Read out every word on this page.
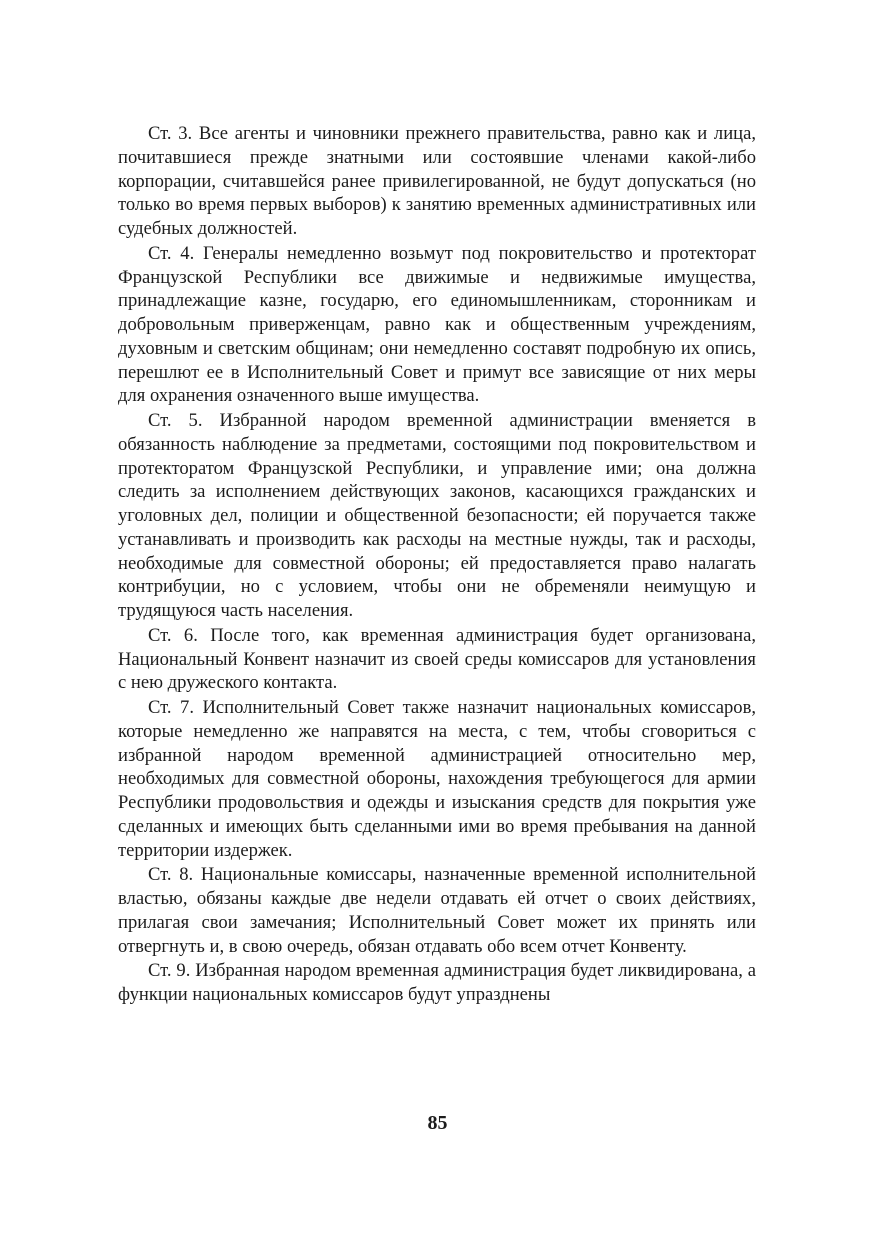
Ст. 3. Все агенты и чиновники прежнего правительства, равно как и лица, почитавшиеся прежде знатными или состоявшие членами какой-либо корпорации, считавшейся ранее привилегированной, не будут допускаться (но только во время первых выборов) к занятию временных административных или судебных должностей.

Ст. 4. Генералы немедленно возьмут под покровительство и протекторат Французской Республики все движимые и недвижимые имущества, принадлежащие казне, государю, его единомышленникам, сторонникам и добровольным приверженцам, равно как и общественным учреждениям, духовным и светским общинам; они немедленно составят подробную их опись, перешлют ее в Исполнительный Совет и примут все зависящие от них меры для охранения означенного выше имущества.

Ст. 5. Избранной народом временной администрации вменяется в обязанность наблюдение за предметами, состоящими под покровительством и протекторатом Французской Республики, и управление ими; она должна следить за исполнением действующих законов, касающихся гражданских и уголовных дел, полиции и общественной безопасности; ей поручается также устанавливать и производить как расходы на местные нужды, так и расходы, необходимые для совместной обороны; ей предоставляется право налагать контрибуции, но с условием, чтобы они не обременяли неимущую и трудящуюся часть населения.

Ст. 6. После того, как временная администрация будет организована, Национальный Конвент назначит из своей среды комиссаров для установления с нею дружеского контакта.

Ст. 7. Исполнительный Совет также назначит национальных комиссаров, которые немедленно же направятся на места, с тем, чтобы сговориться с избранной народом временной администрацией относительно мер, необходимых для совместной обороны, нахождения требующегося для армии Республики продовольствия и одежды и изыскания средств для покрытия уже сделанных и имеющих быть сделанными ими во время пребывания на данной территории издержек.

Ст. 8. Национальные комиссары, назначенные временной исполнительной властью, обязаны каждые две недели отдавать ей отчет о своих действиях, прилагая свои замечания; Исполнительный Совет может их принять или отвергнуть и, в свою очередь, обязан отдавать обо всем отчет Конвенту.

Ст. 9. Избранная народом временная администрация будет ликвидирована, а функции национальных комиссаров будут упразднены

85
